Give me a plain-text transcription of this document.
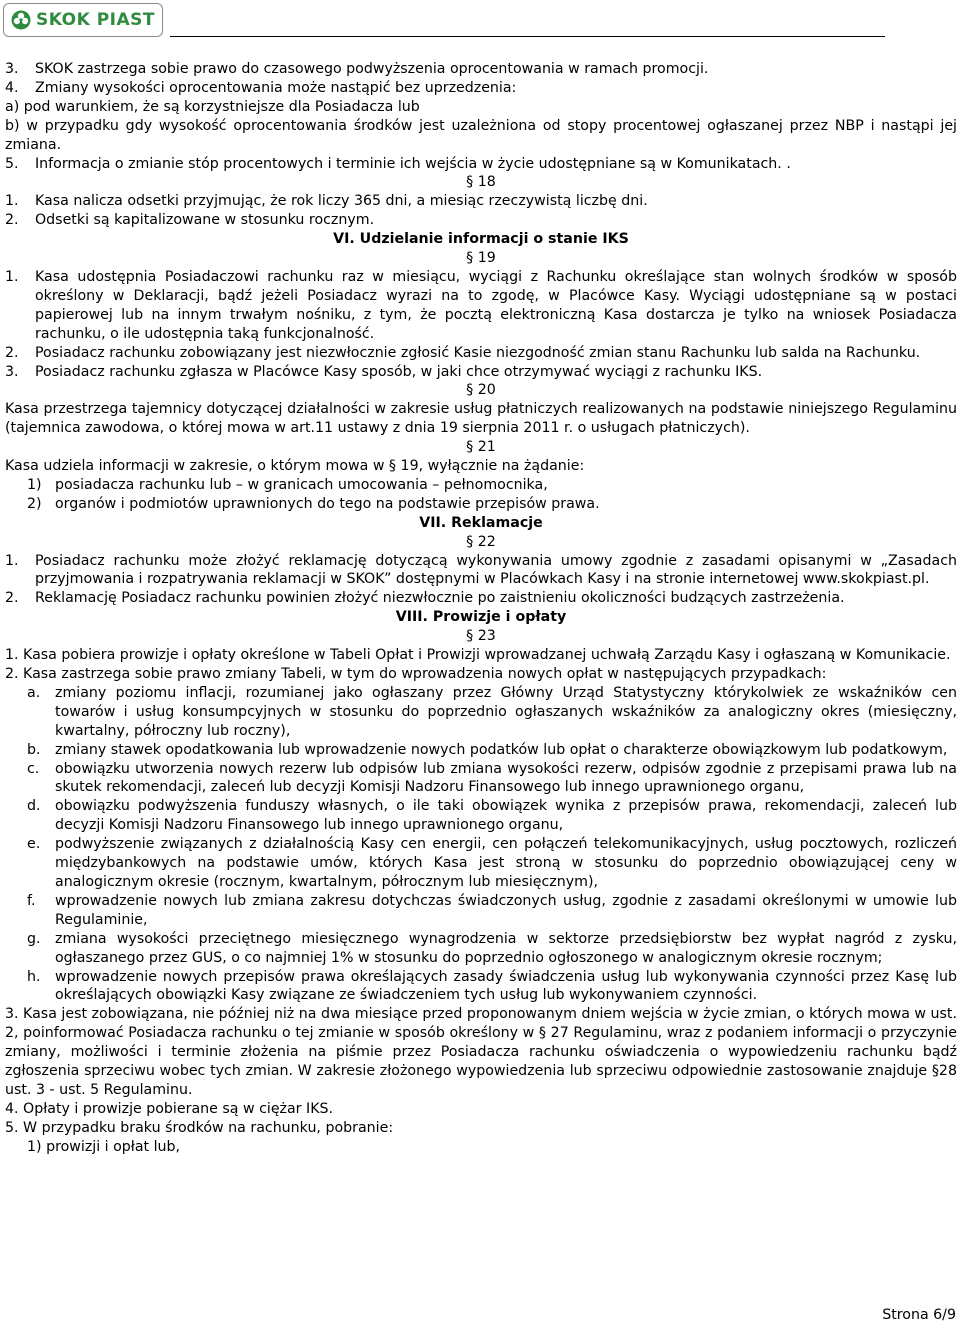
SKOK PIAST
3.	SKOK zastrzega sobie prawo do czasowego podwyższenia oprocentowania w ramach promocji.
4.	Zmiany wysokości oprocentowania może nastąpić bez uprzedzenia:
a) pod warunkiem, że są korzystniejsze dla Posiadacza lub
b) w przypadku gdy wysokość oprocentowania środków jest uzależniona od stopy procentowej ogłaszanej przez NBP i nastąpi jej zmiana.
5.	Informacja o zmianie stóp procentowych i terminie ich wejścia w życie udostępniane są w Komunikatach. .
§ 18
1.	Kasa nalicza odsetki przyjmując, że rok liczy 365 dni, a miesiąc rzeczywistą liczbę dni.
2.	Odsetki są kapitalizowane w stosunku rocznym.
VI. Udzielanie informacji o stanie IKS
§ 19
1.	Kasa udostępnia Posiadaczowi rachunku raz w miesiącu, wyciągi z Rachunku określające stan wolnych środków w sposób określony w Deklaracji, bądź jeżeli Posiadacz wyrazi na to zgodę, w Placówce Kasy. Wyciągi udostępniane są w postaci papierowej lub na innym trwałym nośniku, z tym, że pocztą elektroniczną Kasa dostarcza je tylko na wniosek Posiadacza rachunku, o ile udostępnia taką funkcjonalność.
2.	Posiadacz rachunku zobowiązany jest niezwłocznie zgłosić Kasie niezgodność zmian stanu Rachunku lub salda na Rachunku.
3.	Posiadacz rachunku zgłasza w Placówce Kasy sposób, w jaki chce otrzymywać wyciągi z rachunku IKS.
§ 20
Kasa przestrzega tajemnicy dotyczącej działalności w zakresie usług płatniczych realizowanych na podstawie niniejszego Regulaminu (tajemnica zawodowa, o której mowa w art.11 ustawy z dnia 19 sierpnia 2011 r. o usługach płatniczych).
§ 21
Kasa udziela informacji w zakresie, o którym mowa w § 19, wyłącznie na żądanie:
1) posiadacza rachunku lub – w granicach umocowania – pełnomocnika,
2) organów i podmiotów uprawnionych do tego na podstawie przepisów prawa.
VII. Reklamacje
§ 22
1.	Posiadacz rachunku może złożyć reklamację dotyczącą wykonywania umowy zgodnie z zasadami opisanymi w „Zasadach przyjmowania i rozpatrywania reklamacji w SKOK” dostępnymi w Placówkach Kasy i na stronie internetowej www.skokpiast.pl.
2.	Reklamację Posiadacz rachunku powinien złożyć niezwłocznie po zaistnieniu okoliczności budzących zastrzeżenia.
VIII. Prowizje i opłaty
§ 23
1. Kasa pobiera prowizje i opłaty określone w Tabeli Opłat i Prowizji wprowadzanej uchwałą Zarządu Kasy i ogłaszaną w Komunikacie.
2. Kasa zastrzega sobie prawo zmiany Tabeli, w tym do wprowadzenia nowych opłat w następujących przypadkach:
a.	zmiany poziomu inflacji, rozumianej jako ogłaszany przez Główny Urząd Statystyczny którykolwiek ze wskaźników cen towarów i usług konsumpcyjnych w stosunku do poprzednio ogłaszanych wskaźników za analogiczny okres (miesięczny, kwartalny, półroczny lub roczny),
b.	zmiany stawek opodatkowania lub wprowadzenie nowych podatków lub opłat o charakterze obowiązkowym lub podatkowym,
c.	obowiązku utworzenia nowych rezerw lub odpisów lub zmiana wysokości rezerw, odpisów zgodnie z przepisami prawa lub na skutek rekomendacji, zaleceń lub decyzji Komisji Nadzoru Finansowego lub innego uprawnionego organu,
d.	obowiązku podwyższenia funduszy własnych, o ile taki obowiązek wynika z przepisów prawa, rekomendacji, zaleceń lub decyzji Komisji Nadzoru Finansowego lub innego uprawnionego organu,
e.	podwyższenie związanych z działalnością Kasy cen energii, cen połączeń telekomunikacyjnych, usług pocztowych, rozliczeń międzybankowych na podstawie umów, których Kasa jest stroną w stosunku do poprzednio obowiązującej ceny w analogicznym okresie (rocznym, kwartalnym, półrocznym lub miesięcznym),
f.	wprowadzenie nowych lub zmiana zakresu dotychczas świadczonych usług, zgodnie z zasadami określonymi w umowie lub Regulaminie,
g.	zmiana wysokości przeciętnego miesięcznego wynagrodzenia w sektorze przedsiębiorstw bez wypłat nagród z zysku, ogłaszanego przez GUS, o co najmniej 1% w stosunku do poprzednio ogłoszonego w analogicznym okresie rocznym;
h.	wprowadzenie nowych przepisów prawa określających zasady świadczenia usług lub wykonywania czynności przez Kasę lub określających obowiązki Kasy związane ze świadczeniem tych usług lub wykonywaniem czynności.
3. Kasa jest zobowiązana, nie później niż na dwa miesiące przed proponowanym dniem wejścia w życie zmian, o których mowa w ust. 2, poinformować Posiadacza rachunku o tej zmianie w sposób określony w § 27 Regulaminu, wraz z podaniem informacji o przyczynie zmiany, możliwości i terminie złożenia na piśmie przez Posiadacza rachunku oświadczenia o wypowiedzeniu rachunku bądź zgłoszenia sprzeciwu wobec tych zmian. W zakresie złożonego wypowiedzenia lub sprzeciwu odpowiednie zastosowanie znajduje §28 ust. 3 - ust. 5 Regulaminu.
4. Opłaty i prowizje pobierane są w ciężar IKS.
5. W przypadku braku środków na rachunku, pobranie:
1) prowizji i opłat lub,
Strona 6/9
